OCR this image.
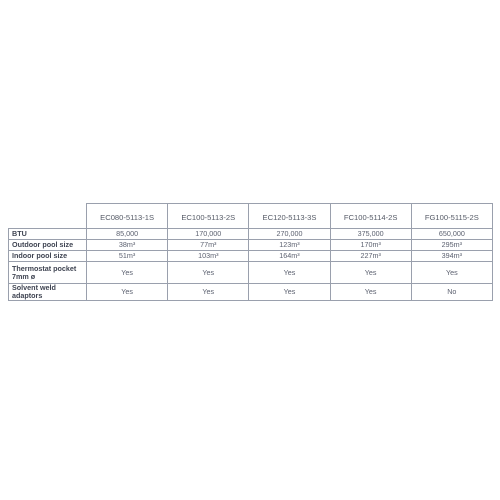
	EC080-5113-1S	EC100-5113-2S	EC120-5113-3S	FC100-5114-2S	FG100-5115-2S
BTU	85,000	170,000	270,000	375,000	650,000
Outdoor pool size	38m³	77m³	123m³	170m³	295m³
Indoor pool size	51m³	103m³	164m³	227m³	394m³
Thermostat pocket
7mm ø	Yes	Yes	Yes	Yes	Yes
Solvent weld adaptors	Yes	Yes	Yes	Yes	No
